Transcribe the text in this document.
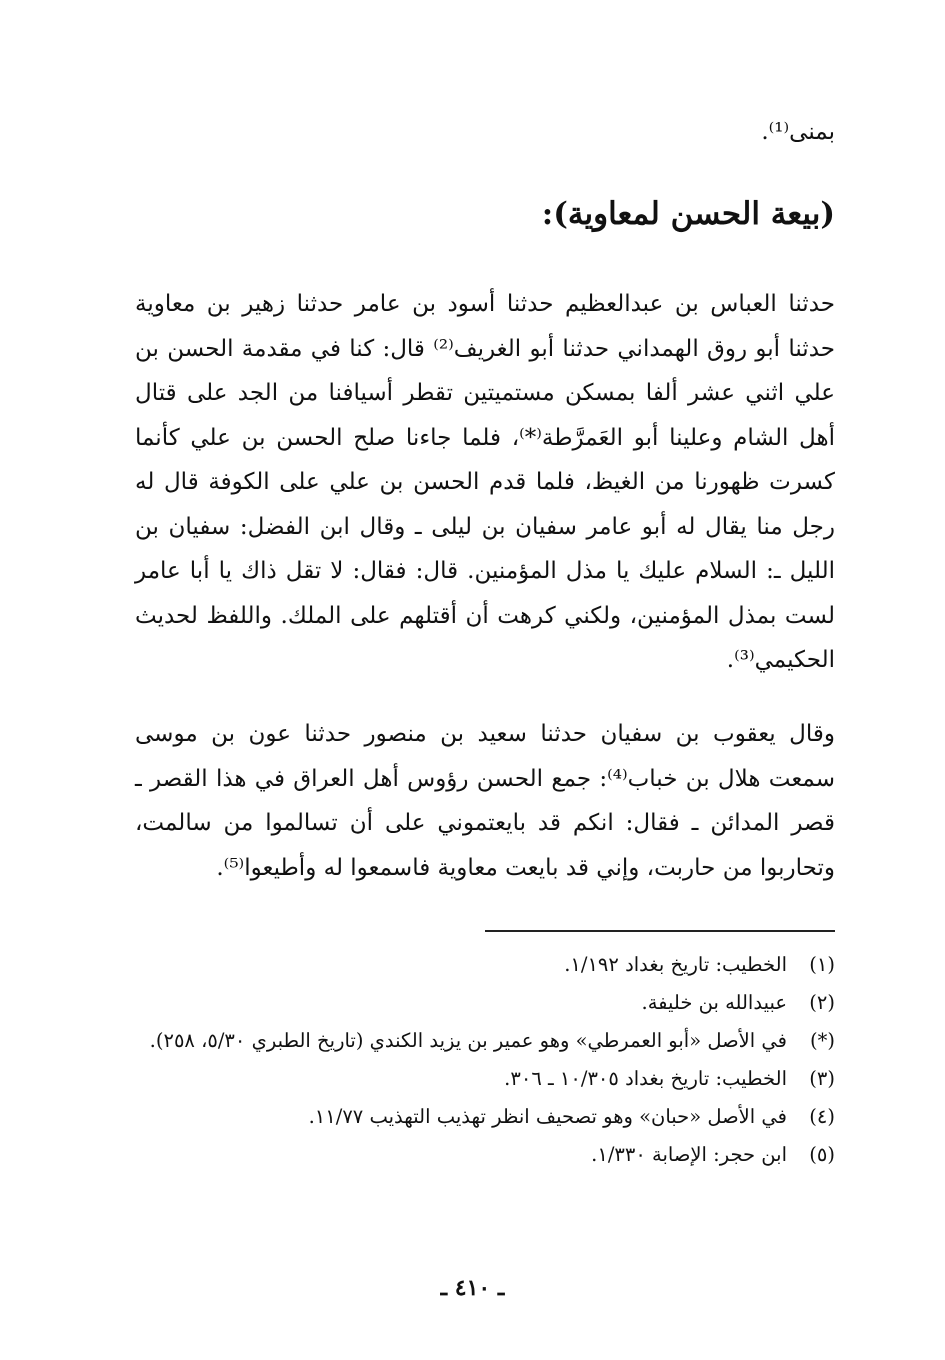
بمنى⁽¹⁾.
(بيعة الحسن لمعاوية):
حدثنا العباس بن عبدالعظيم حدثنا أسود بن عامر حدثنا زهير بن معاوية حدثنا أبو روق الهمداني حدثنا أبو الغريف⁽²⁾ قال: كنا في مقدمة الحسن بن علي اثني عشر ألفا بمسكن مستميتين تقطر أسيافنا من الجد على قتال أهل الشام وعلينا أبو العَمرَّطة⁽*⁾، فلما جاءنا صلح الحسن بن علي كأنما كسرت ظهورنا من الغيظ، فلما قدم الحسن بن علي على الكوفة قال له رجل منا يقال له أبو عامر سفيان بن ليلى ـ وقال ابن الفضل: سفيان بن الليل ـ: السلام عليك يا مذل المؤمنين. قال: فقال: لا تقل ذاك يا أبا عامر لست بمذل المؤمنين، ولكني كرهت أن أقتلهم على الملك. واللفظ لحديث الحكيمي⁽³⁾.
وقال يعقوب بن سفيان حدثنا سعيد بن منصور حدثنا عون بن موسى سمعت هلال بن خباب⁽⁴⁾: جمع الحسن رؤوس أهل العراق في هذا القصر ـ قصر المدائن ـ فقال: انكم قد بايعتموني على أن تسالموا من سالمت، وتحاربوا من حاربت، وإني قد بايعت معاوية فاسمعوا له وأطيعوا⁽⁵⁾.
(١)
الخطيب: تاريخ بغداد ١/١٩٢.
(٢)
عبيدالله بن خليفة.
(*)
في الأصل «أبو العمرطي» وهو عمير بن يزيد الكندي (تاريخ الطبري ٥/٣٠، ٢٥٨).
(٣)
الخطيب: تاريخ بغداد ١٠/٣٠٥ ـ ٣٠٦.
(٤)
في الأصل «حبان» وهو تصحيف انظر تهذيب التهذيب ١١/٧٧.
(٥)
ابن حجر: الإصابة ١/٣٣٠.
ـ ٤١٠ ـ
